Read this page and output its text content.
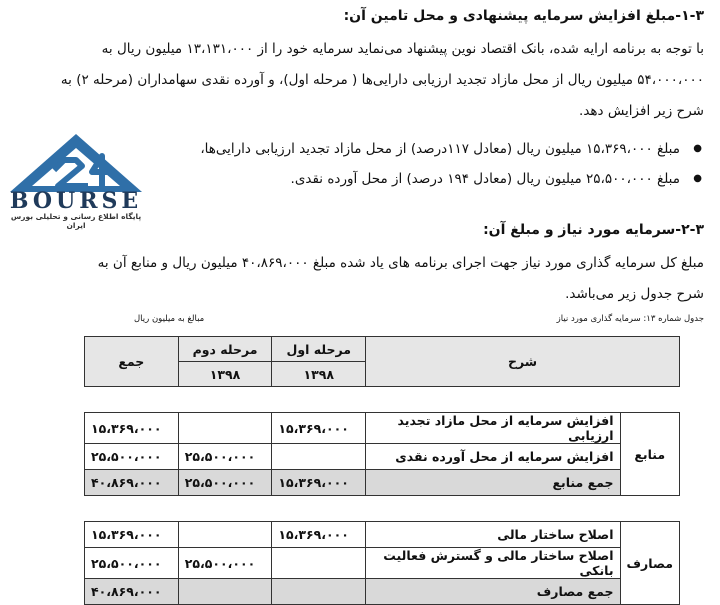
۱-۳-مبلغ افزایش سرمایه پیشنهادی و محل تامین آن:
با توجه به برنامه ارایه شده، بانک اقتصاد نوین پیشنهاد می‌نماید سرمایه خود را از ۱۳،۱۳۱،۰۰۰ میلیون ریال به
۵۴،۰۰۰،۰۰۰ میلیون ریال از محل مازاد تجدید ارزیابی دارایی‌ها ( مرحله اول)، و آورده نقدی سهامداران (مرحله ۲) به
شرح زیر افزایش دهد.
● مبلغ ۱۵،۳۶۹،۰۰۰ میلیون ریال (معادل ۱۱۷درصد) از محل مازاد تجدید ارزیابی دارایی‌ها،
● مبلغ ۲۵،۵۰۰،۰۰۰ میلیون ریال (معادل ۱۹۴ درصد) از محل آورده نقدی.
BOURSE
پایگاه اطلاع رسانی و تحلیلی بورس ایران	۲-۳-سرمایه مورد نیاز و مبلغ آن:
مبلغ کل سرمایه گذاری مورد نیاز جهت اجرای برنامه های یاد شده مبلغ ۴۰،۸۶۹،۰۰۰ میلیون ریال و منابع آن به
شرح جدول زیر می‌باشد.
جدول شماره ۱۳: سرمایه گذاری مورد نیاز
مبالغ به میلیون ریال
شرح		مرحله اول	مرحله دوم	جمع
		۱۳۹۸	۱۳۹۸	

منابع	افزایش سرمایه از محل مازاد تجدید ارزیابی	۱۵،۳۶۹،۰۰۰		۱۵،۳۶۹،۰۰۰
	افزایش سرمایه از محل آورده نقدی		۲۵،۵۰۰،۰۰۰	۲۵،۵۰۰،۰۰۰
	جمع منابع	۱۵،۳۶۹،۰۰۰	۲۵،۵۰۰،۰۰۰	۴۰،۸۶۹،۰۰۰

مصارف	اصلاح ساختار مالی	۱۵،۳۶۹،۰۰۰		۱۵،۳۶۹،۰۰۰
	اصلاح ساختار مالی و گسترش فعالیت بانکی		۲۵،۵۰۰،۰۰۰	۲۵،۵۰۰،۰۰۰
	جمع مصارف			۴۰،۸۶۹،۰۰۰
